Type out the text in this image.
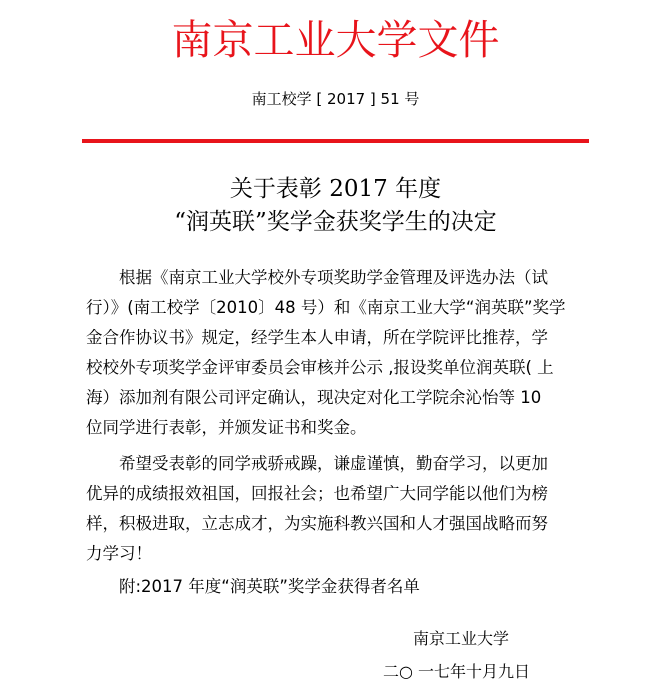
南京工业大学文件
南工校学 [ 2017 ] 51 号
关于表彰 2017 年度
“润英联”奖学金获奖学生的决定
根据《南京工业大学校外专项奖助学金管理及评选办法（试
行）》(南工校学〔2010〕48 号）和《南京工业大学“润英联”奖学
金合作协议书》规定，经学生本人申请，所在学院评比推荐，学
校校外专项奖学金评审委员会审核并公示 ,报设奖单位润英联( 上
海）添加剂有限公司评定确认，现决定对化工学院余沁怡等 10
位同学进行表彰，并颁发证书和奖金。
希望受表彰的同学戒骄戒躁，谦虚谨慎，勤奋学习，以更加
优异的成绩报效祖国，回报社会；也希望广大同学能以他们为榜
样，积极进取，立志成才，为实施科教兴国和人才强国战略而努
力学习！
附:2017 年度“润英联”奖学金获得者名单
南京工业大学
二○ 一七年十月九日
